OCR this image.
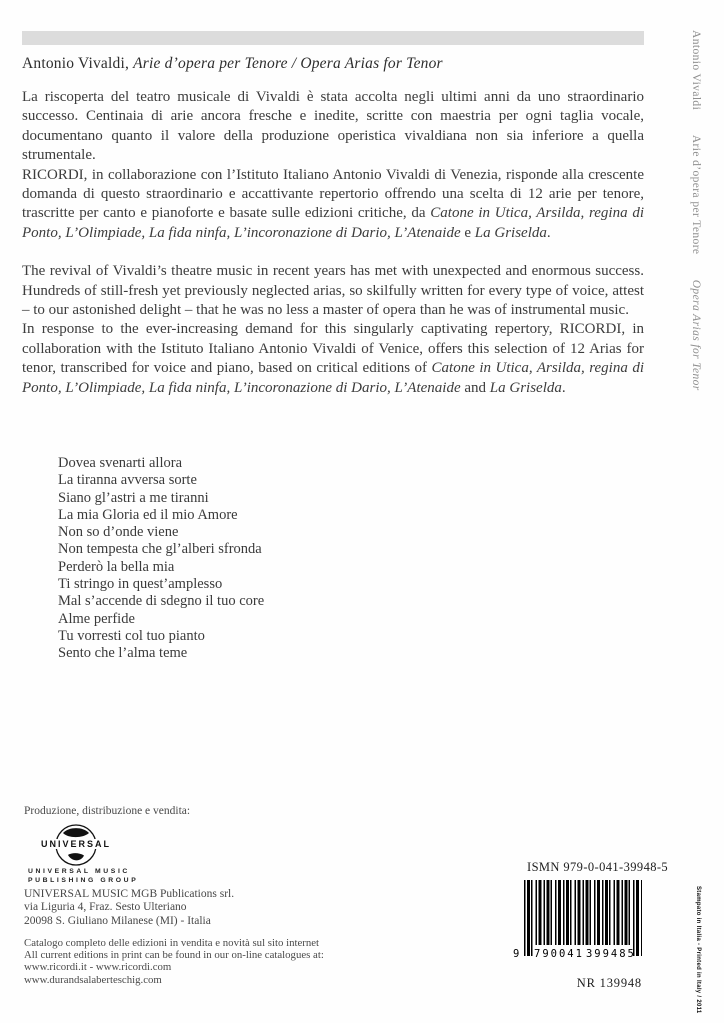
Antonio Vivaldi, Arie d’opera per Tenore / Opera Arias for Tenor

La riscoperta del teatro musicale di Vivaldi è stata accolta negli ultimi anni da uno straordinario successo. Centinaia di arie ancora fresche e inedite, scritte con maestria per ogni taglia vocale, documentano quanto il valore della produzione operistica vivaldiana non sia inferiore a quella strumentale.

RICORDI, in collaborazione con l’Istituto Italiano Antonio Vivaldi di Venezia, risponde alla crescente domanda di questo straordinario e accattivante repertorio offrendo una scelta di 12 arie per tenore, trascritte per canto e pianoforte e basate sulle edizioni critiche, da Catone in Utica, Arsilda, regina di Ponto, L’Olimpiade, La fida ninfa, L’incoronazione di Dario, L’Atenaide e La Griselda.

The revival of Vivaldi’s theatre music in recent years has met with unexpected and enormous success. Hundreds of still-fresh yet previously neglected arias, so skilfully written for every type of voice, attest – to our astonished delight – that he was no less a master of opera than he was of instrumental music.

In response to the ever-increasing demand for this singularly captivating repertory, RICORDI, in collaboration with the Istituto Italiano Antonio Vivaldi of Venice, offers this selection of 12 Arias for tenor, transcribed for voice and piano, based on critical editions of Catone in Utica, Arsilda, regina di Ponto, L’Olimpiade, La fida ninfa, L’incoronazione di Dario, L’Atenaide and La Griselda.

Dovea svenarti allora
La tiranna avversa sorte
Siano gl’astri a me tiranni
La mia Gloria ed il mio Amore
Non so d’onde viene
Non tempesta che gl’alberi sfronda
Perderò la bella mia
Ti stringo in quest’amplesso
Mal s’accende di sdegno il tuo core
Alme perfide
Tu vorresti col tuo pianto
Sento che l’alma teme
Produzione, distribuzione e vendita:
UNIVERSAL
UNIVERSAL MUSIC
PUBLISHING GROUP
UNIVERSAL MUSIC MGB Publications srl.
via Liguria 4, Fraz. Sesto Ulteriano
20098 S. Giuliano Milanese (MI) - Italia
Catalogo completo delle edizioni in vendita e novità sul sito internet
All current editions in print can be found in our on-line catalogues at:
www.ricordi.it - www.ricordi.com
www.durandsalaberteschig.com
ISMN 979-0-041-39948-5
9 790041 399485
NR 139948
Antonio Vivaldi Arie d’opera per Tenore Opera Arias for Tenor
Stampato in Italia - Printed in Italy / 2011
